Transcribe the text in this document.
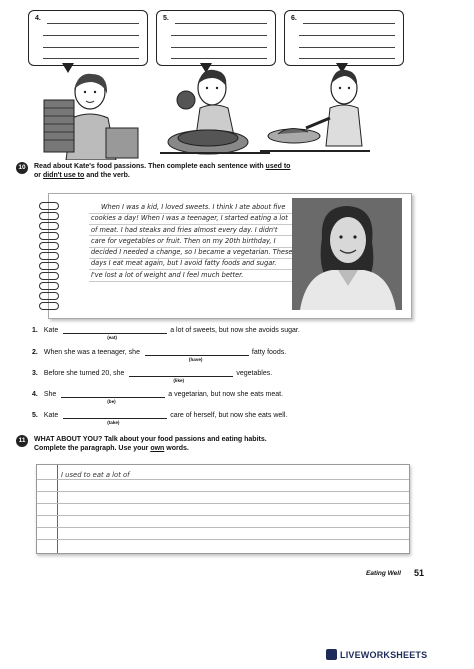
4.	5.	6.
10	Read about Kate's food passions. Then complete each sentence with used to
or didn't use to and the verb.
When I was a kid, I loved sweets. I think I ate about five
cookies a day! When I was a teenager, I started eating a lot
of meat. I had steaks and fries almost every day. I didn't
care for vegetables or fruit. Then on my 20th birthday, I
decided I needed a change, so I became a vegetarian. These
days I eat meat again, but I avoid fatty foods and sugar.
I've lost a lot of weight and I feel much better.
1. Kate
(eat)
a lot of sweets, but now she avoids sugar.
2. When she was a teenager, she
(have)
fatty foods.
3. Before she turned 20, she
(like)
vegetables.
4. She
(be)
a vegetarian, but now she eats meat.
5. Kate
(take)
care of herself, but now she eats well.
11	WHAT ABOUT YOU? Talk about your food passions and eating habits.
Complete the paragraph. Use your own words.
I used to eat a lot of
Eating Well 51
LIVEWORKSHEETS
